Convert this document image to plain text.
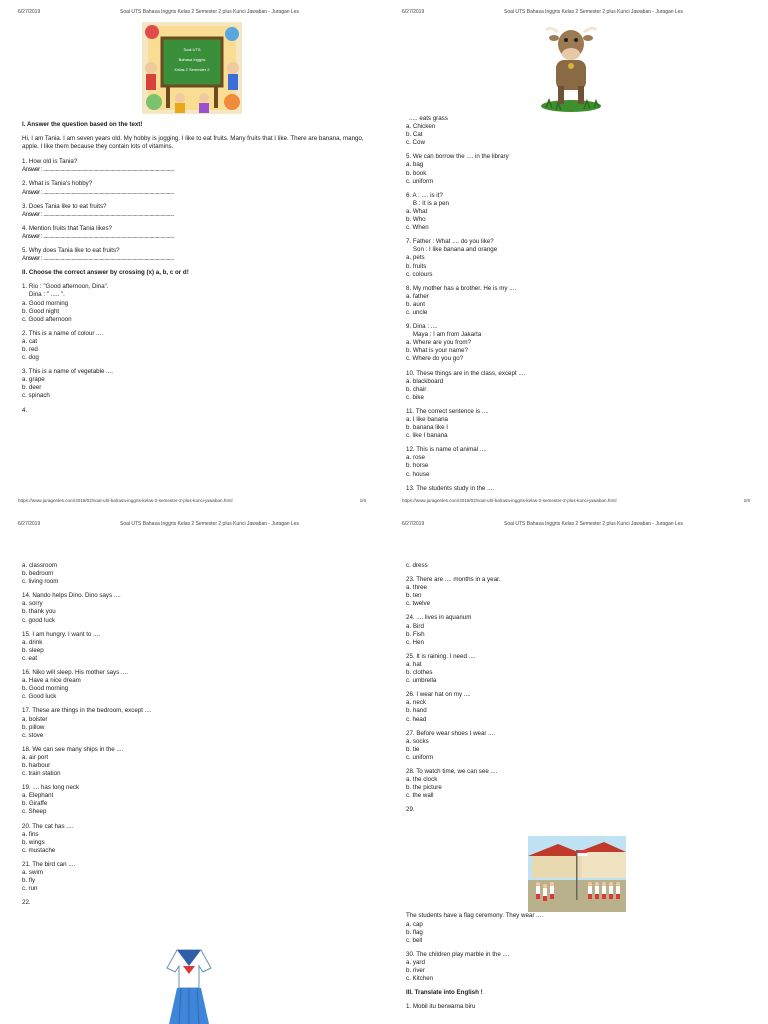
6/27/2019	Soal UTS Bahasa Inggris Kelas 2 Semester 2 plus Kunci Jawaban - Juragan Les
Soal UTS
Bahasa Inggris
Kelas 2 Semester 2
I. Answer the question based on the text!
Hi, I am Tania. I am seven years old. My hobby is jogging. I like to eat fruits. Many fruits that I like. There are banana, mango, apple. I like them because they contain lots of vitamins.
1. How old is Tania?
Answer : ...........................................................................................................
2. What is Tania's hobby?
Answer : ...........................................................................................................
3. Does Tania like to eat fruits?
Answer : ...........................................................................................................
4. Mention fruits that Tania likes?
Answer : ...........................................................................................................
5. Why does Tania like to eat fruits?
Answer : ...........................................................................................................
II. Choose the correct answer by crossing (x) a, b, c or d!
1. Rio : "Good afternoon, Dina".
Dina : " ..... ".
a. Good morning
b. Good night
c. Good afternoon
2. This is a name of colour ....
a. cat
b. red
c. dog
3. This is a name of vegetable ....
a. grape
b. deer
c. spinach
4.
https://www.juragenles.com/2018/02/soal-uts-bahasa-inggris-kelas-2-semester-2-plus-kunci-jawaban.html	1/6
6/27/2019	Soal UTS Bahasa Inggris Kelas 2 Semester 2 plus Kunci Jawaban - Juragan Les
..... eats grass
a. Chicken
b. Cat
c. Cow
5. We can borrow the .... in the library
a. bag
b. book
c. uniform
6. A : .... is it?
B : It is a pen
a. What
b. Who
c. When
7. Father : What .... do you like?
Son : I like banana and orange
a. pets
b. fruits
c. colours
8. My mother has a brother. He is my ....
a. father
b. aunt
c. uncle
9. Dina : ....
Maya : I am from Jakarta
a. Where are you from?
b. What is your name?
c. Where do you go?
10. These things are in the class, except ....
a. blackboard
b. chair
c. bike
11. The correct sentence is ....
a. I like banana
b. banana like I
c. like I banana
12. This is name of animal ....
a. rose
b. horse
c. house
13. The students study in the ....
https://www.juragenles.com/2018/02/soal-uts-bahasa-inggris-kelas-2-semester-2-plus-kunci-jawaban.html	2/6
6/27/2019	Soal UTS Bahasa Inggris Kelas 2 Semester 2 plus Kunci Jawaban - Juragan Les
a. classroom
b. bedroom
c. living room
14. Nando helps Dino. Dino says ....
a. sorry
b. thank you
c. good luck
15. I am hungry. I want to ....
a. drink
b. sleep
c. eat
16. Niko will sleep. His mother says ....
a. Have a nice dream
b. Good morning
c. Good luck
17. These are things in the bedroom, except ....
a. bolster
b. pillow
c. stove
18. We can see many ships in the ....
a. air port
b. harbour
c. train station
19. .... has long neck
a. Elephant
b. Giraffe
c. Sheep
20. The cat has ....
a. fins
b. wings
c. mustache
21. The bird can ....
a. swim
b. fly
c. run
22.
6/27/2019	Soal UTS Bahasa Inggris Kelas 2 Semester 2 plus Kunci Jawaban - Juragan Les
c. dress
23. There are .... months in a year.
a. three
b. ten
c. twelve
24. .... lives in aquarium
a. Bird
b. Fish
c. Hen
25. It is raining. I need ....
a. hat
b. clothes
c. umbrella
26. I wear hat on my ....
a. neck
b. hand
c. head
27. Before wear shoes I wear ....
a. socks
b. tie
c. uniform
28. To watch time, we can see ....
a. the clock
b. the picture
c. the wall
29.
The students have a flag ceremony. They wear ....
a. cap
b. flag
c. bell
30. The children play marble in the ....
a. yard
b. river
c. Kitchen
III. Translate into English !
1. Mobil itu berwarna biru
